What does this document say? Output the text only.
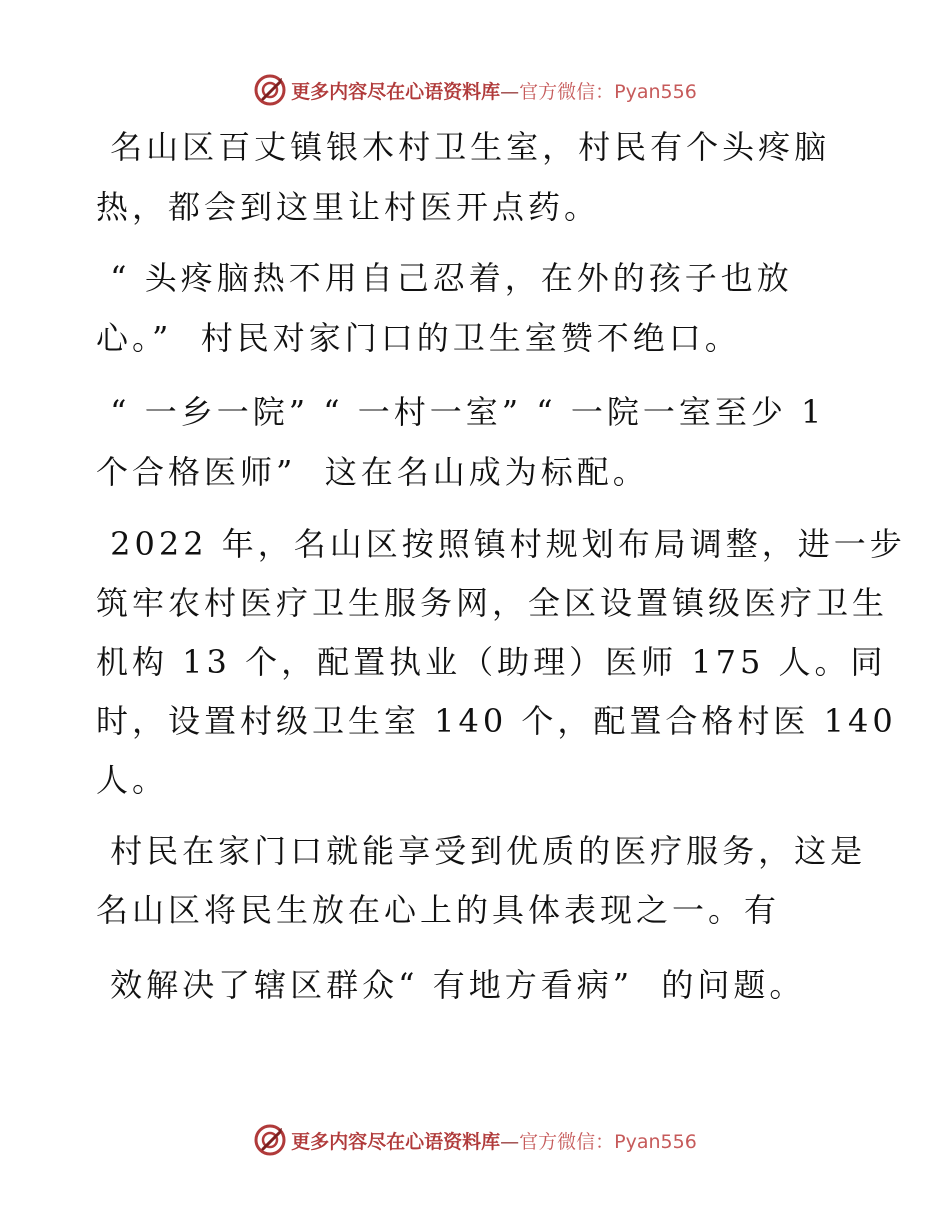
更多内容尽在心语资料库—官方微信：Pyan556
名山区百丈镇银木村卫生室，村民有个头疼脑
热，都会到这里让村医开点药。
“ 头疼脑热不用自己忍着，在外的孩子也放
心。”  村民对家门口的卫生室赞不绝口。
“ 一乡一院” “ 一村一室” “ 一院一室至少 1
个合格医师”  这在名山成为标配。
2022 年，名山区按照镇村规划布局调整，进一步
筑牢农村医疗卫生服务网，全区设置镇级医疗卫生
机构 13 个，配置执业（助理）医师 175 人。同
时，设置村级卫生室 140 个，配置合格村医 140
人。
村民在家门口就能享受到优质的医疗服务，这是
名山区将民生放在心上的具体表现之一。有
效解决了辖区群众“ 有地方看病”  的问题。
更多内容尽在心语资料库—官方微信：Pyan556
